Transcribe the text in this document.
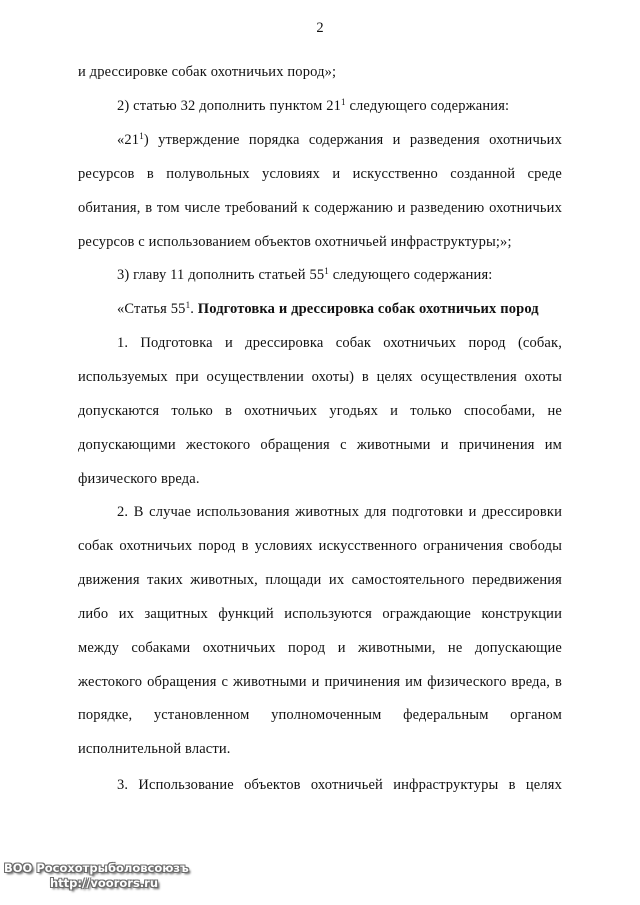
2
и дрессировке собак охотничьих пород»;
2) статью 32 дополнить пунктом $21^1$ следующего содержания:
«$21^1$) утверждение порядка содержания и разведения охотничьих
ресурсов в полувольных условиях и искусственно созданной среде
обитания, в том числе требований к содержанию и разведению охотничьих
ресурсов с использованием объектов охотничьей инфраструктуры;»;
3) главу 11 дополнить статьей $55^1$ следующего содержания:
«Статья $55^1$. Подготовка и дрессировка собак охотничьих пород
1. Подготовка и дрессировка собак охотничьих пород (собак,
используемых при осуществлении охоты) в целях осуществления охоты
допускаются только в охотничьих угодьях и только способами, не
допускающими жестокого обращения с животными и причинения им
физического вреда.
2. В случае использования животных для подготовки и дрессировки
собак охотничьих пород в условиях искусственного ограничения свободы
движения таких животных, площади их самостоятельного передвижения
либо их защитных функций используются ограждающие конструкции
между собаками охотничьих пород и животными, не допускающие
жестокого обращения с животными и причинения им физического вреда, в
порядке, установленном уполномоченным федеральным органом
исполнительной власти.
3. Использование объектов охотничьей инфраструктуры в целях
ВОО Росохотрыболовсоюзъ
http://voorors.ru
